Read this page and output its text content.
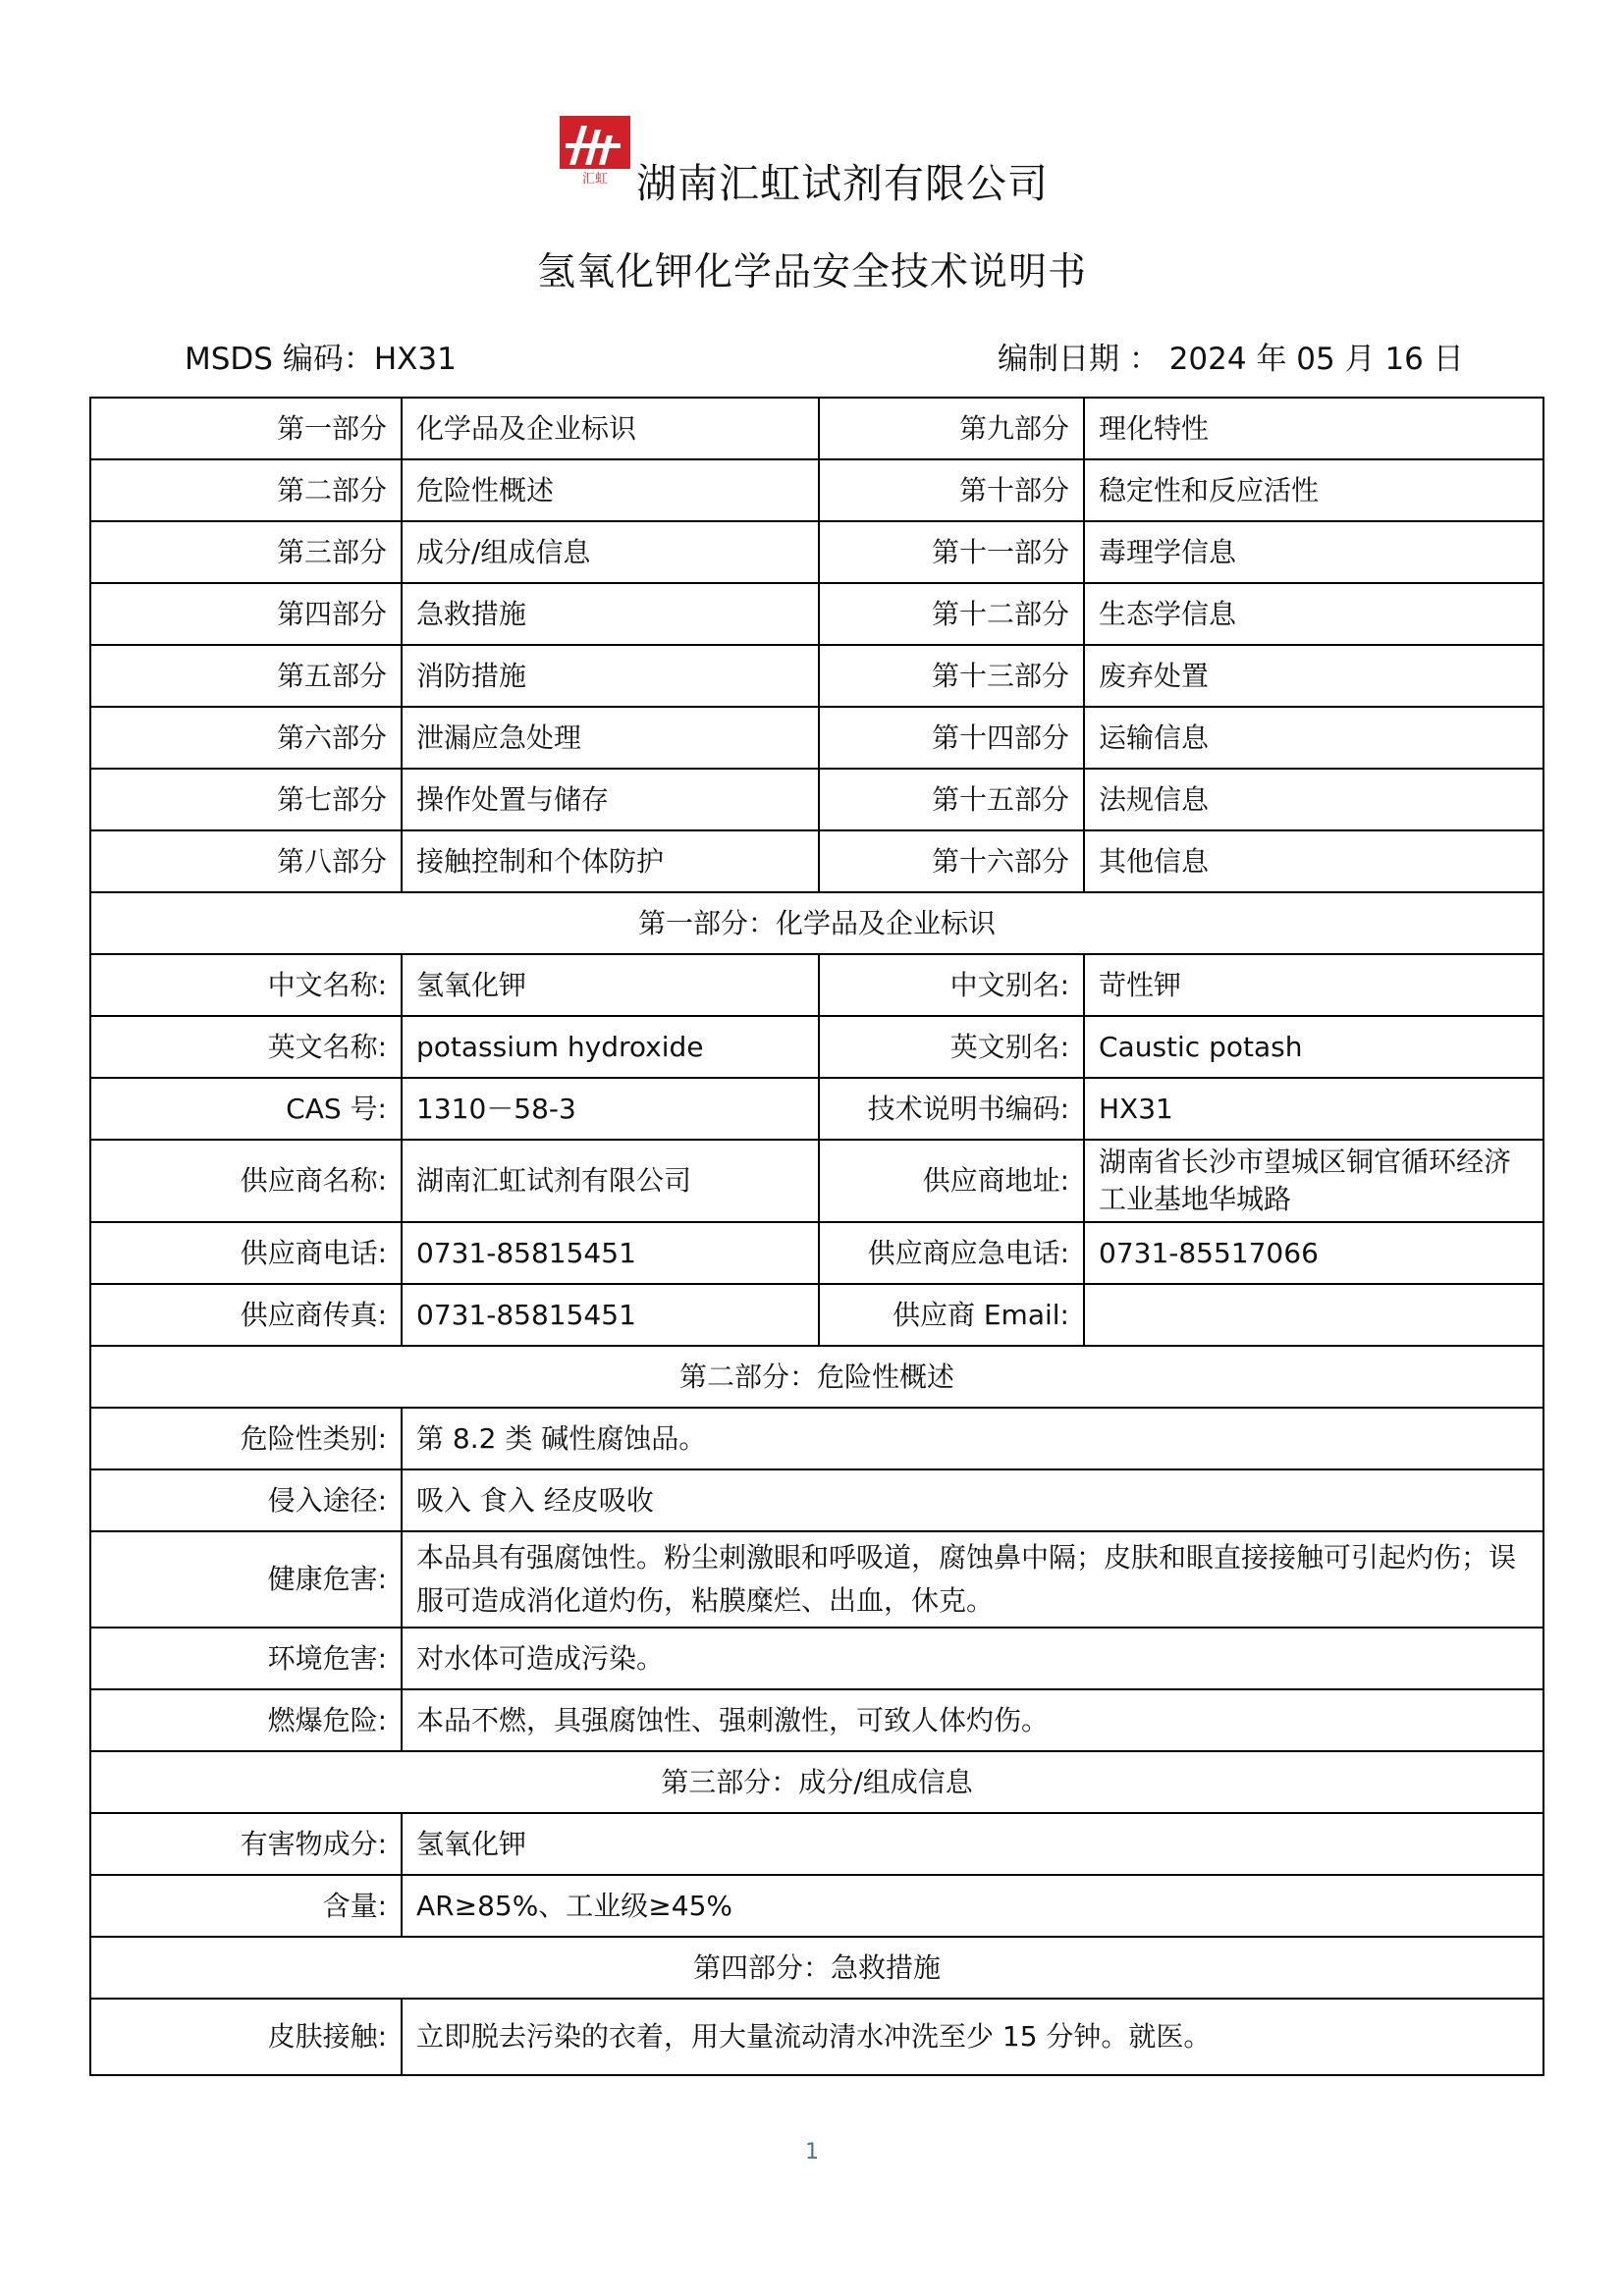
汇虹 湖南汇虹试剂有限公司
氢氧化钾化学品安全技术说明书
MSDS 编码：HX31	编制日期 ： 2024 年 05 月 16 日
第一部分	化学品及企业标识	第九部分	理化特性
第二部分	危险性概述	第十部分	稳定性和反应活性
第三部分	成分/组成信息	第十一部分	毒理学信息
第四部分	急救措施	第十二部分	生态学信息
第五部分	消防措施	第十三部分	废弃处置
第六部分	泄漏应急处理	第十四部分	运输信息
第七部分	操作处置与储存	第十五部分	法规信息
第八部分	接触控制和个体防护	第十六部分	其他信息
第一部分：化学品及企业标识			
中文名称:	氢氧化钾	中文别名:	苛性钾
英文名称:	potassium hydroxide	英文别名:	Caustic potash
CAS 号:	1310－58-3	技术说明书编码:	HX31
供应商名称:	湖南汇虹试剂有限公司	供应商地址:	湖南省长沙市望城区铜官循环经济工业基地华城路
供应商电话:	0731-85815451	供应商应急电话:	0731-85517066
供应商传真:	0731-85815451	供应商 Email:	
第二部分：危险性概述			
危险性类别:	第 8.2 类 碱性腐蚀品。		
侵入途径:	吸入 食入 经皮吸收		
健康危害:	本品具有强腐蚀性。粉尘刺激眼和呼吸道，腐蚀鼻中隔；皮肤和眼直接接触可引起灼伤；误服可造成消化道灼伤，粘膜糜烂、出血，休克。		
环境危害:	对水体可造成污染。		
燃爆危险:	本品不燃，具强腐蚀性、强刺激性，可致人体灼伤。		
第三部分：成分/组成信息			
有害物成分:	氢氧化钾		
含量:	AR≥85%、工业级≥45%		
第四部分：急救措施			
皮肤接触:	立即脱去污染的衣着，用大量流动清水冲洗至少 15 分钟。就医。		
1
